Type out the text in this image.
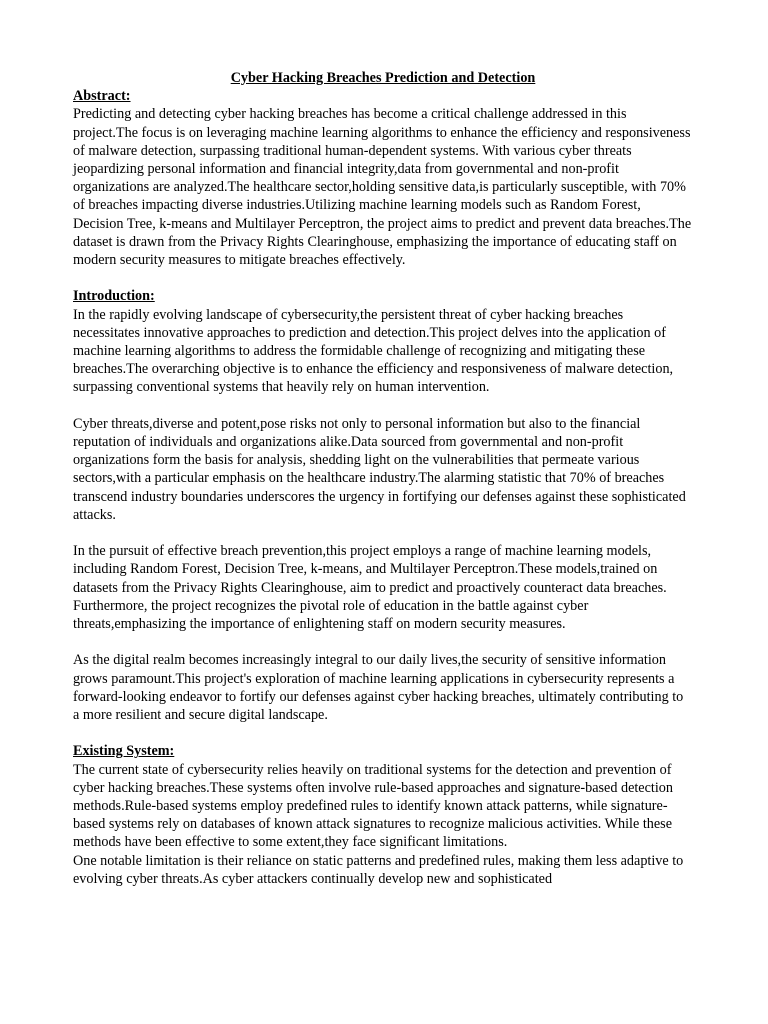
Cyber Hacking Breaches Prediction and Detection

Abstract:

Predicting and detecting cyber hacking breaches has become a critical challenge addressed in this project.The focus is on leveraging machine learning algorithms to enhance the efficiency and responsiveness of malware detection, surpassing traditional human-dependent systems. With various cyber threats jeopardizing personal information and financial integrity,data from governmental and non-profit organizations are analyzed.The healthcare sector,holding sensitive data,is particularly susceptible, with 70% of breaches impacting diverse industries.Utilizing machine learning models such as Random Forest, Decision Tree, k-means and Multilayer Perceptron, the project aims to predict and prevent data breaches.The dataset is drawn from the Privacy Rights Clearinghouse, emphasizing the importance of educating staff on modern security measures to mitigate breaches effectively.

Introduction:

In the rapidly evolving landscape of cybersecurity,the persistent threat of cyber hacking breaches necessitates innovative approaches to prediction and detection.This project delves into the application of machine learning algorithms to address the formidable challenge of recognizing and mitigating these breaches.The overarching objective is to enhance the efficiency and responsiveness of malware detection, surpassing conventional systems that heavily rely on human intervention.

Cyber threats,diverse and potent,pose risks not only to personal information but also to the financial reputation of individuals and organizations alike.Data sourced from governmental and non-profit organizations form the basis for analysis, shedding light on the vulnerabilities that permeate various sectors,with a particular emphasis on the healthcare industry.The alarming statistic that 70% of breaches transcend industry boundaries underscores the urgency in fortifying our defenses against these sophisticated attacks.

In the pursuit of effective breach prevention,this project employs a range of machine learning models, including Random Forest, Decision Tree, k-means, and Multilayer Perceptron.These models,trained on datasets from the Privacy Rights Clearinghouse, aim to predict and proactively counteract data breaches. Furthermore, the project recognizes the pivotal role of education in the battle against cyber threats,emphasizing the importance of enlightening staff on modern security measures.

As the digital realm becomes increasingly integral to our daily lives,the security of sensitive information grows paramount.This project's exploration of machine learning applications in cybersecurity represents a forward-looking endeavor to fortify our defenses against cyber hacking breaches, ultimately contributing to a more resilient and secure digital landscape.

Existing System:

The current state of cybersecurity relies heavily on traditional systems for the detection and prevention of cyber hacking breaches.These systems often involve rule-based approaches and signature-based detection methods.Rule-based systems employ predefined rules to identify known attack patterns, while signature-based systems rely on databases of known attack signatures to recognize malicious activities. While these methods have been effective to some extent,they face significant limitations.

One notable limitation is their reliance on static patterns and predefined rules, making them less adaptive to evolving cyber threats.As cyber attackers continually develop new and sophisticated
